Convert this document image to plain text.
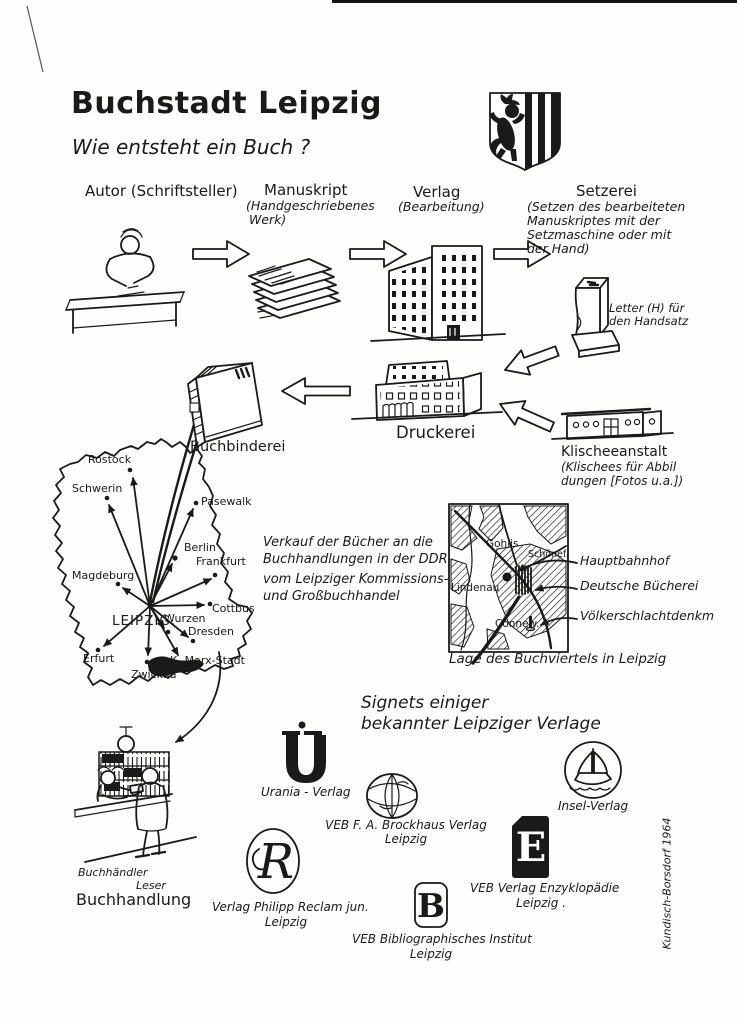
R	E
B
Buchstadt Leipzig
Wie entsteht ein Buch ?
Autor (Schriftsteller) Manuskript
(Handgeschriebenes
Werk)
Verlag
(Bearbeitung)
Setzerei
(Setzen des bearbeiteten
Manuskriptes mit der
Setzmaschine oder mit
der Hand)
Letter (H) für
den Handsatz
Druckerei
Klischeeanstalt
(Klischees für Abbil
dungen [Fotos u.a.])
Buchbinderei
Rostock
Schwerin
Pasewalk
Berlin
Frankfurt
Magdeburg
Cottbus
LEIPZIG.
Wurzen
Dresden
Erfurt
Zwickau
K.-Marx-Stadt
Verkauf der Bücher an die
Buchhandlungen in der DDR
vom Leipziger Kommissions-
und Großbuchhandel
Gohlis
Schönef.
Lindenau
Connew.
Hauptbahnhof
Deutsche Bücherei
Völkerschlachtdenkm
Lage des Buchviertels in Leipzig
Signets einiger
bekannter Leipziger Verlage
Urania - Verlag
VEB F. A. Brockhaus Verlag
Leipzig
Insel-Verlag
Verlag Philipp Reclam jun.
Leipzig
VEB Verlag Enzyklopädie
Leipzig .
VEB Bibliographisches Institut
Leipzig
Buchhändler
Leser
Buchhandlung	Kundisch-Borsdorf 1964
